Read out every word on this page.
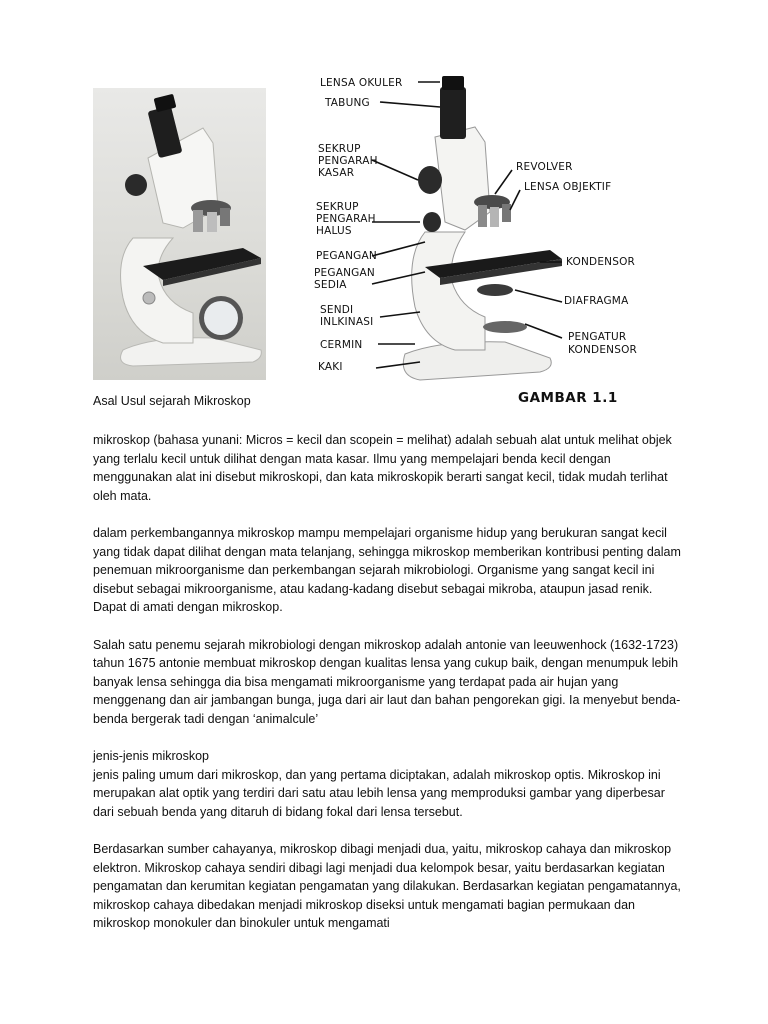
LENSA OKULER
TABUNG
SEKRUP
PENGARAH
KASAR
SEKRUP
PENGARAH
HALUS
PEGANGAN
PEGANGAN
SEDIA
SENDI
INLKINASI
CERMIN
KAKI
REVOLVER
LENSA OBJEKTIF
KONDENSOR
DIAFRAGMA
PENGATUR
KONDENSOR
GAMBAR 1.1

Asal Usul sejarah Mikroskop

mikroskop (bahasa yunani: Micros = kecil dan scopein = melihat) adalah sebuah alat untuk melihat objek yang terlalu kecil untuk dilihat dengan mata kasar. Ilmu yang mempelajari benda kecil dengan menggunakan alat ini disebut mikroskopi, dan kata mikroskopik berarti sangat kecil, tidak mudah terlihat oleh mata.

dalam perkembangannya mikroskop mampu mempelajari organisme hidup yang berukuran sangat kecil yang tidak dapat dilihat dengan mata telanjang, sehingga mikroskop memberikan kontribusi penting dalam penemuan mikroorganisme dan perkembangan sejarah mikrobiologi. Organisme yang sangat kecil ini disebut sebagai mikroorganisme, atau kadang-kadang disebut sebagai mikroba, ataupun jasad renik. Dapat di amati dengan mikroskop.

Salah satu penemu sejarah mikrobiologi dengan mikroskop adalah antonie van leeuwenhock (1632-1723) tahun 1675 antonie membuat mikroskop dengan kualitas lensa yang cukup baik, dengan menumpuk lebih banyak lensa sehingga dia bisa mengamati mikroorganisme yang terdapat pada air hujan yang menggenang dan air jambangan bunga, juga dari air laut dan bahan pengorekan gigi. Ia menyebut benda-benda bergerak tadi dengan ‘animalcule’

jenis-jenis mikroskop

jenis paling umum dari mikroskop, dan yang pertama diciptakan, adalah mikroskop optis. Mikroskop ini merupakan alat optik yang terdiri dari satu atau lebih lensa yang memproduksi gambar yang diperbesar dari sebuah benda yang ditaruh di bidang fokal dari lensa tersebut.

Berdasarkan sumber cahayanya, mikroskop dibagi menjadi dua, yaitu, mikroskop cahaya dan mikroskop elektron. Mikroskop cahaya sendiri dibagi lagi menjadi dua kelompok besar, yaitu berdasarkan kegiatan pengamatan dan kerumitan kegiatan pengamatan yang dilakukan. Berdasarkan kegiatan pengamatannya, mikroskop cahaya dibedakan menjadi mikroskop diseksi untuk mengamati bagian permukaan dan mikroskop monokuler dan binokuler untuk mengamati
